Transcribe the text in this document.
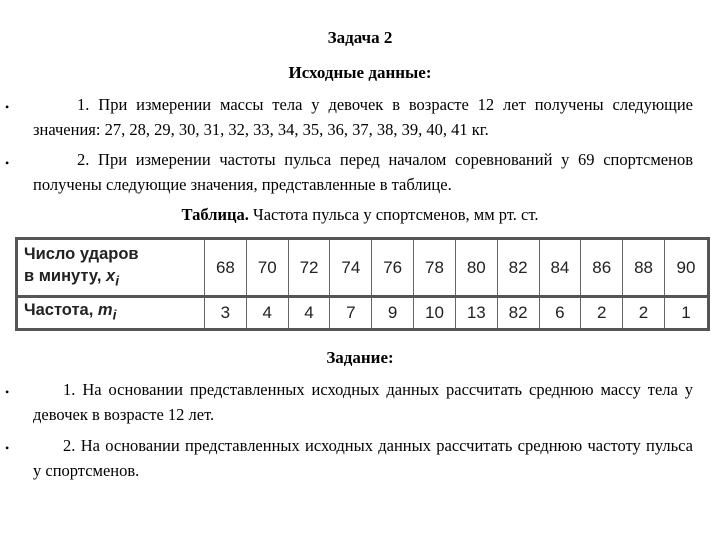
Задача 2
Исходные данные:
•	1. При измерении массы тела у девочек в возрасте 12 лет получены следующие значения: 27, 28, 29, 30, 31, 32, 33, 34, 35, 36, 37, 38, 39, 40, 41 кг.
•	2. При измерении частоты пульса перед началом соревнований у 69 спортсменов получены следующие значения, представленные в таблице.
Таблица. Частота пульса у спортсменов, мм рт. ст.
Число ударов
в минуту, $x_i$	68	70	72	74	76	78	80	82	84	86	88	90
Частота, $m_i$	3	4	4	7	9	10	13	82	6	2	2	1
Задание:
•	1. На основании представленных исходных данных рассчитать среднюю массу тела у девочек в возрасте 12 лет.
•	2. На основании представленных исходных данных рассчитать среднюю частоту пульса у спортсменов.
